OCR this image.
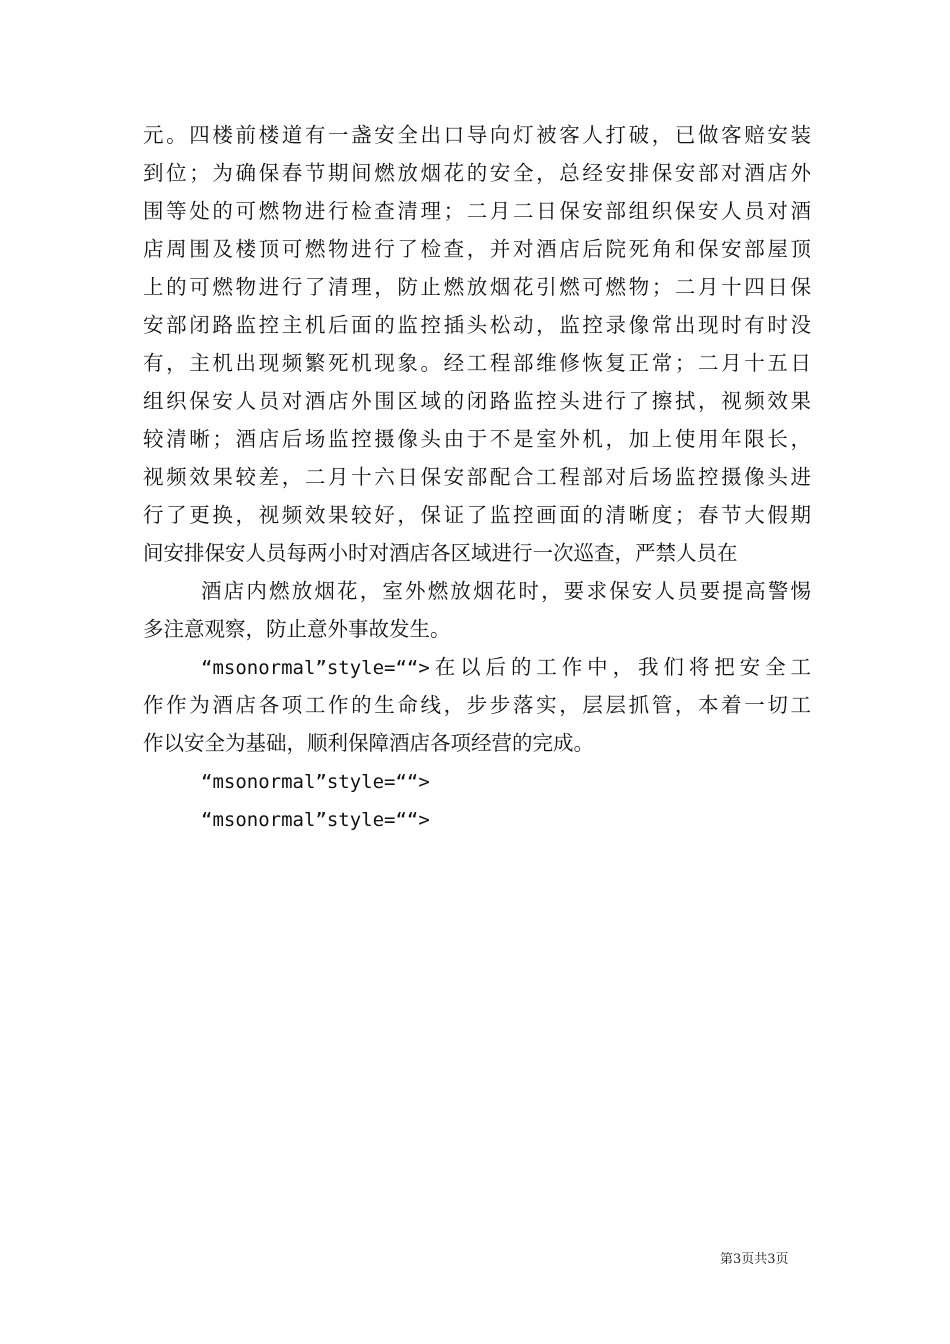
元。四楼前楼道有一盏安全出口导向灯被客人打破，已做客赔安装
到位；为确保春节期间燃放烟花的安全，总经安排保安部对酒店外
围等处的可燃物进行检查清理；二月二日保安部组织保安人员对酒
店周围及楼顶可燃物进行了检查，并对酒店后院死角和保安部屋顶
上的可燃物进行了清理，防止燃放烟花引燃可燃物；二月十四日保
安部闭路监控主机后面的监控插头松动，监控录像常出现时有时没
有，主机出现频繁死机现象。经工程部维修恢复正常；二月十五日
组织保安人员对酒店外围区域的闭路监控头进行了擦拭，视频效果
较清晰；酒店后场监控摄像头由于不是室外机，加上使用年限长，
视频效果较差，二月十六日保安部配合工程部对后场监控摄像头进
行了更换，视频效果较好，保证了监控画面的清晰度；春节大假期
间安排保安人员每两小时对酒店各区域进行一次巡查，严禁人员在
酒店内燃放烟花，室外燃放烟花时，要求保安人员要提高警惕
多注意观察，防止意外事故发生。
“msonormal”style=““>在以后的工作中，我们将把安全工
作作为酒店各项工作的生命线，步步落实，层层抓管，本着一切工
作以安全为基础，顺利保障酒店各项经营的完成。
“msonormal”style=““>
“msonormal”style=““>
第3页共3页
